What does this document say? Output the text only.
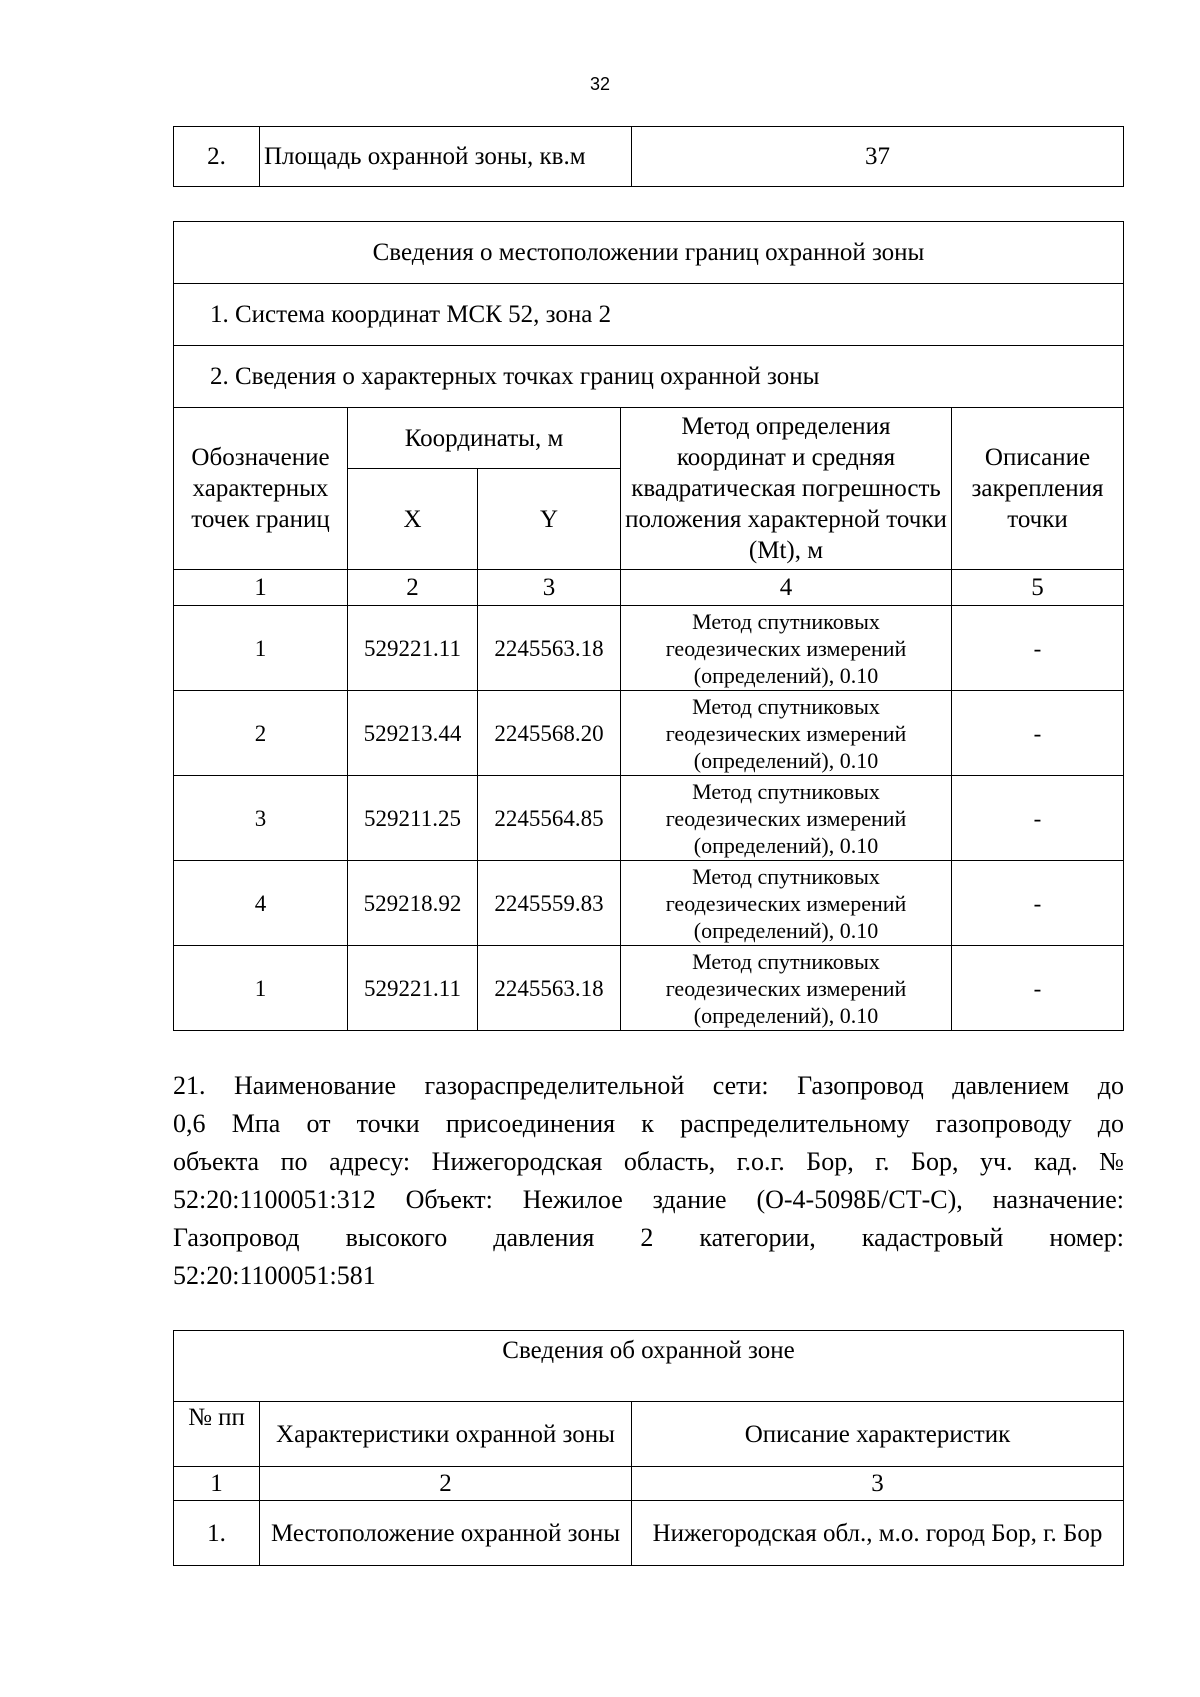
32
2.	Площадь охранной зоны, кв.м	37
Сведения о местоположении границ охранной зоны				
1. Система координат МСК 52, зона 2				
2. Сведения о характерных точках границ охранной зоны				
Обозначение характерных точек границ	Координаты, м		Метод определения координат и средняя квадратическая погрешность положения характерной точки (Mt), м	Описание закрепления точки
	X	Y		
1	2	3	4	5
1	529221.11	2245563.18	Метод спутниковых геодезических измерений (определений), 0.10	-
2	529213.44	2245568.20	Метод спутниковых геодезических измерений (определений), 0.10	-
3	529211.25	2245564.85	Метод спутниковых геодезических измерений (определений), 0.10	-
4	529218.92	2245559.83	Метод спутниковых геодезических измерений (определений), 0.10	-
1	529221.11	2245563.18	Метод спутниковых геодезических измерений (определений), 0.10	-
21. Наименование газораспределительной сети: Газопровод давлением до
0,6 Мпа от точки присоединения к распределительному газопроводу до
объекта по адресу: Нижегородская область, г.о.г. Бор, г. Бор, уч. кад. №
52:20:1100051:312 Объект: Нежилое здание (О-4-5098Б/СТ-С), назначение:
Газопровод высокого давления 2 категории, кадастровый номер:
52:20:1100051:581
Сведения об охранной зоне		
№ пп	Характеристики охранной зоны	Описание характеристик
1	2	3
1.	Местоположение охранной зоны	Нижегородская обл., м.о. город Бор, г. Бор
